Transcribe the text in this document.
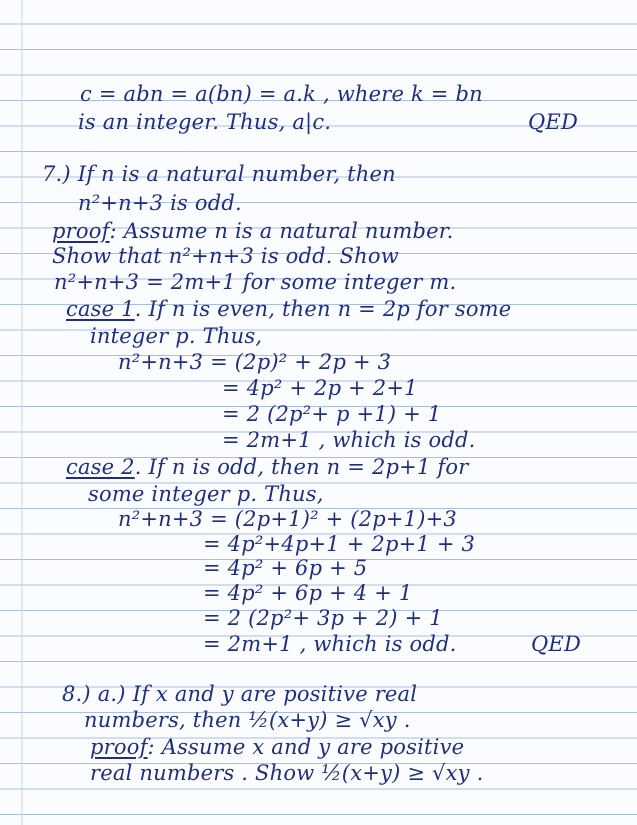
c = abn = a(bn) = a.k , where k = bn
is an integer. Thus, a|c.	QED
7.) If n is a natural number, then
n²+n+3 is odd.
proof: Assume n is a natural number.
Show that n²+n+3 is odd. Show
n²+n+3 = 2m+1 for some integer m.
case 1. If n is even, then n = 2p for some
integer p. Thus,
n²+n+3 = (2p)² + 2p + 3
= 4p² + 2p + 2+1
= 2 (2p²+ p +1) + 1
= 2m+1 , which is odd.
case 2. If n is odd, then n = 2p+1 for
some integer p. Thus,
n²+n+3 = (2p+1)² + (2p+1)+3
= 4p²+4p+1 + 2p+1 + 3
= 4p² + 6p + 5
= 4p² + 6p + 4 + 1
= 2 (2p²+ 3p + 2) + 1
= 2m+1 , which is odd.	QED
8.) a.) If x and y are positive real
numbers, then ½(x+y) ≥ √xy .
proof: Assume x and y are positive
real numbers . Show ½(x+y) ≥ √xy .
